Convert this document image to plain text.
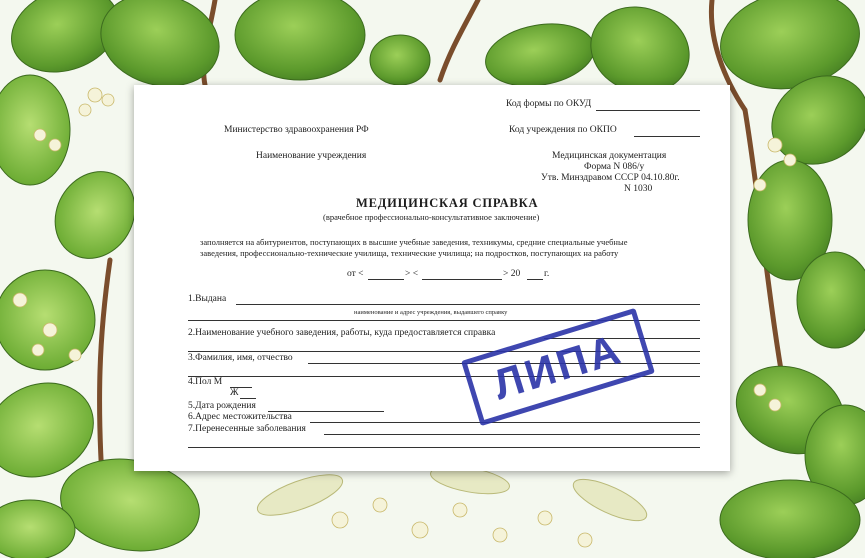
Код формы по ОКУД
Министерство здравоохранения РФ	Код учреждения по ОКПО
Наименование учреждения	Медицинская документация
Форма N 086/у
Утв. Минздравом СССР 04.10.80г.
N 1030
МЕДИЦИНСКАЯ СПРАВКА
(врачебное профессионально-консультативное заключение)
заполняется на абитуриентов, поступающих в высшие учебные заведения, техникумы, средние специальные учебные
заведения, профессионально-технические училища, технические училища; на подростков, поступающих на работу
от <	> <	> 20	г.
1.Выдана
наименование и адрес учреждения, выдавшего справку
2.Наименование учебного заведения, работы, куда предоставляется справка
3.Фамилия, имя, отчество
4.Пол М
Ж
5.Дата рождения
6.Адрес местожительства
7.Перенесенные заболевания
ЛИПА
